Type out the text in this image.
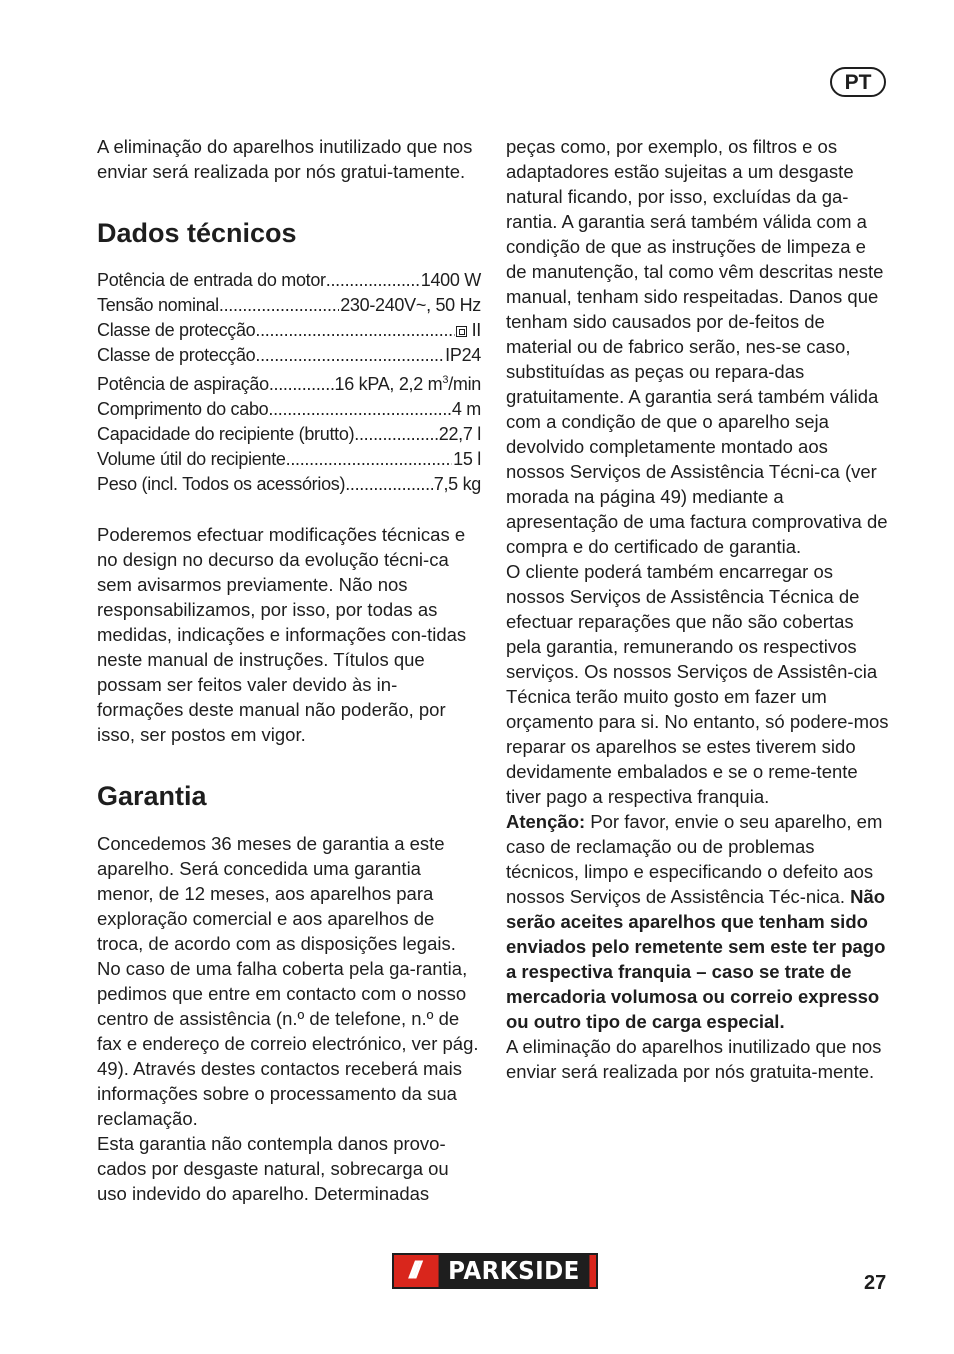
PT

A eliminação do aparelhos inutilizado que nos enviar será realizada por nós gratui-tamente.

Dados técnicos
Potência de entrada do motor .....	1400 W
Tensão nominal .....	230-240V~, 50 Hz
Classe de protecção .....	II
Classe de protecção .....	IP24
Potência de aspiração .....	16 kPA, 2,2 $m^3/\min$
Comprimento do cabo .....	4 m
Capacidade do recipiente (brutto) .....	22,7 l
Volume útil do recipiente .....	15 l
Peso (incl. Todos os acessórios) .....	7,5 kg

Poderemos efectuar modificações técnicas e no design no decurso da evolução técni-ca sem avisarmos previamente. Não nos responsabilizamos, por isso, por todas as medidas, indicações e informações con-tidas neste manual de instruções. Títulos que possam ser feitos valer devido às in-formações deste manual não poderão, por isso, ser postos em vigor.

Garantia

Concedemos 36 meses de garantia a este aparelho. Será concedida uma garantia menor, de 12 meses, aos aparelhos para exploração comercial e aos aparelhos de troca, de acordo com as disposições legais. No caso de uma falha coberta pela ga-rantia, pedimos que entre em contacto com o nosso centro de assistência (n.º de telefone, n.º de fax e endereço de correio electrónico, ver pág. 49). Através destes contactos receberá mais informações sobre o processamento da sua reclamação.

Esta garantia não contempla danos provo-cados por desgaste natural, sobrecarga ou uso indevido do aparelho. Determinadas

peças como, por exemplo, os filtros e os adaptadores estão sujeitas a um desgaste natural ficando, por isso, excluídas da ga-rantia. A garantia será também válida com a condição de que as instruções de limpeza e de manutenção, tal como vêm descritas neste manual, tenham sido respeitadas. Danos que tenham sido causados por de-feitos de material ou de fabrico serão, nes-se caso, substituídas as peças ou repara-das gratuitamente. A garantia será também válida com a condição de que o aparelho seja devolvido completamente montado aos nossos Serviços de Assistência Técni-ca (ver morada na página 49) mediante a apresentação de uma factura comprovativa de compra e do certificado de garantia.

O cliente poderá também encarregar os nossos Serviços de Assistência Técnica de efectuar reparações que não são cobertas pela garantia, remunerando os respectivos serviços. Os nossos Serviços de Assistên-cia Técnica terão muito gosto em fazer um orçamento para si. No entanto, só podere-mos reparar os aparelhos se estes tiverem sido devidamente embalados e se o reme-tente tiver pago a respectiva franquia.

Atenção: Por favor, envie o seu aparelho, em caso de reclamação ou de problemas técnicos, limpo e especificando o defeito aos nossos Serviços de Assistência Téc-nica. Não serão aceites aparelhos que tenham sido enviados pelo remetente sem este ter pago a respectiva franquia – caso se trate de mercadoria volumosa ou correio expresso ou outro tipo de carga especial.

A eliminação do aparelhos inutilizado que nos enviar será realizada por nós gratuita-mente.

///	PARKSIDE	27
